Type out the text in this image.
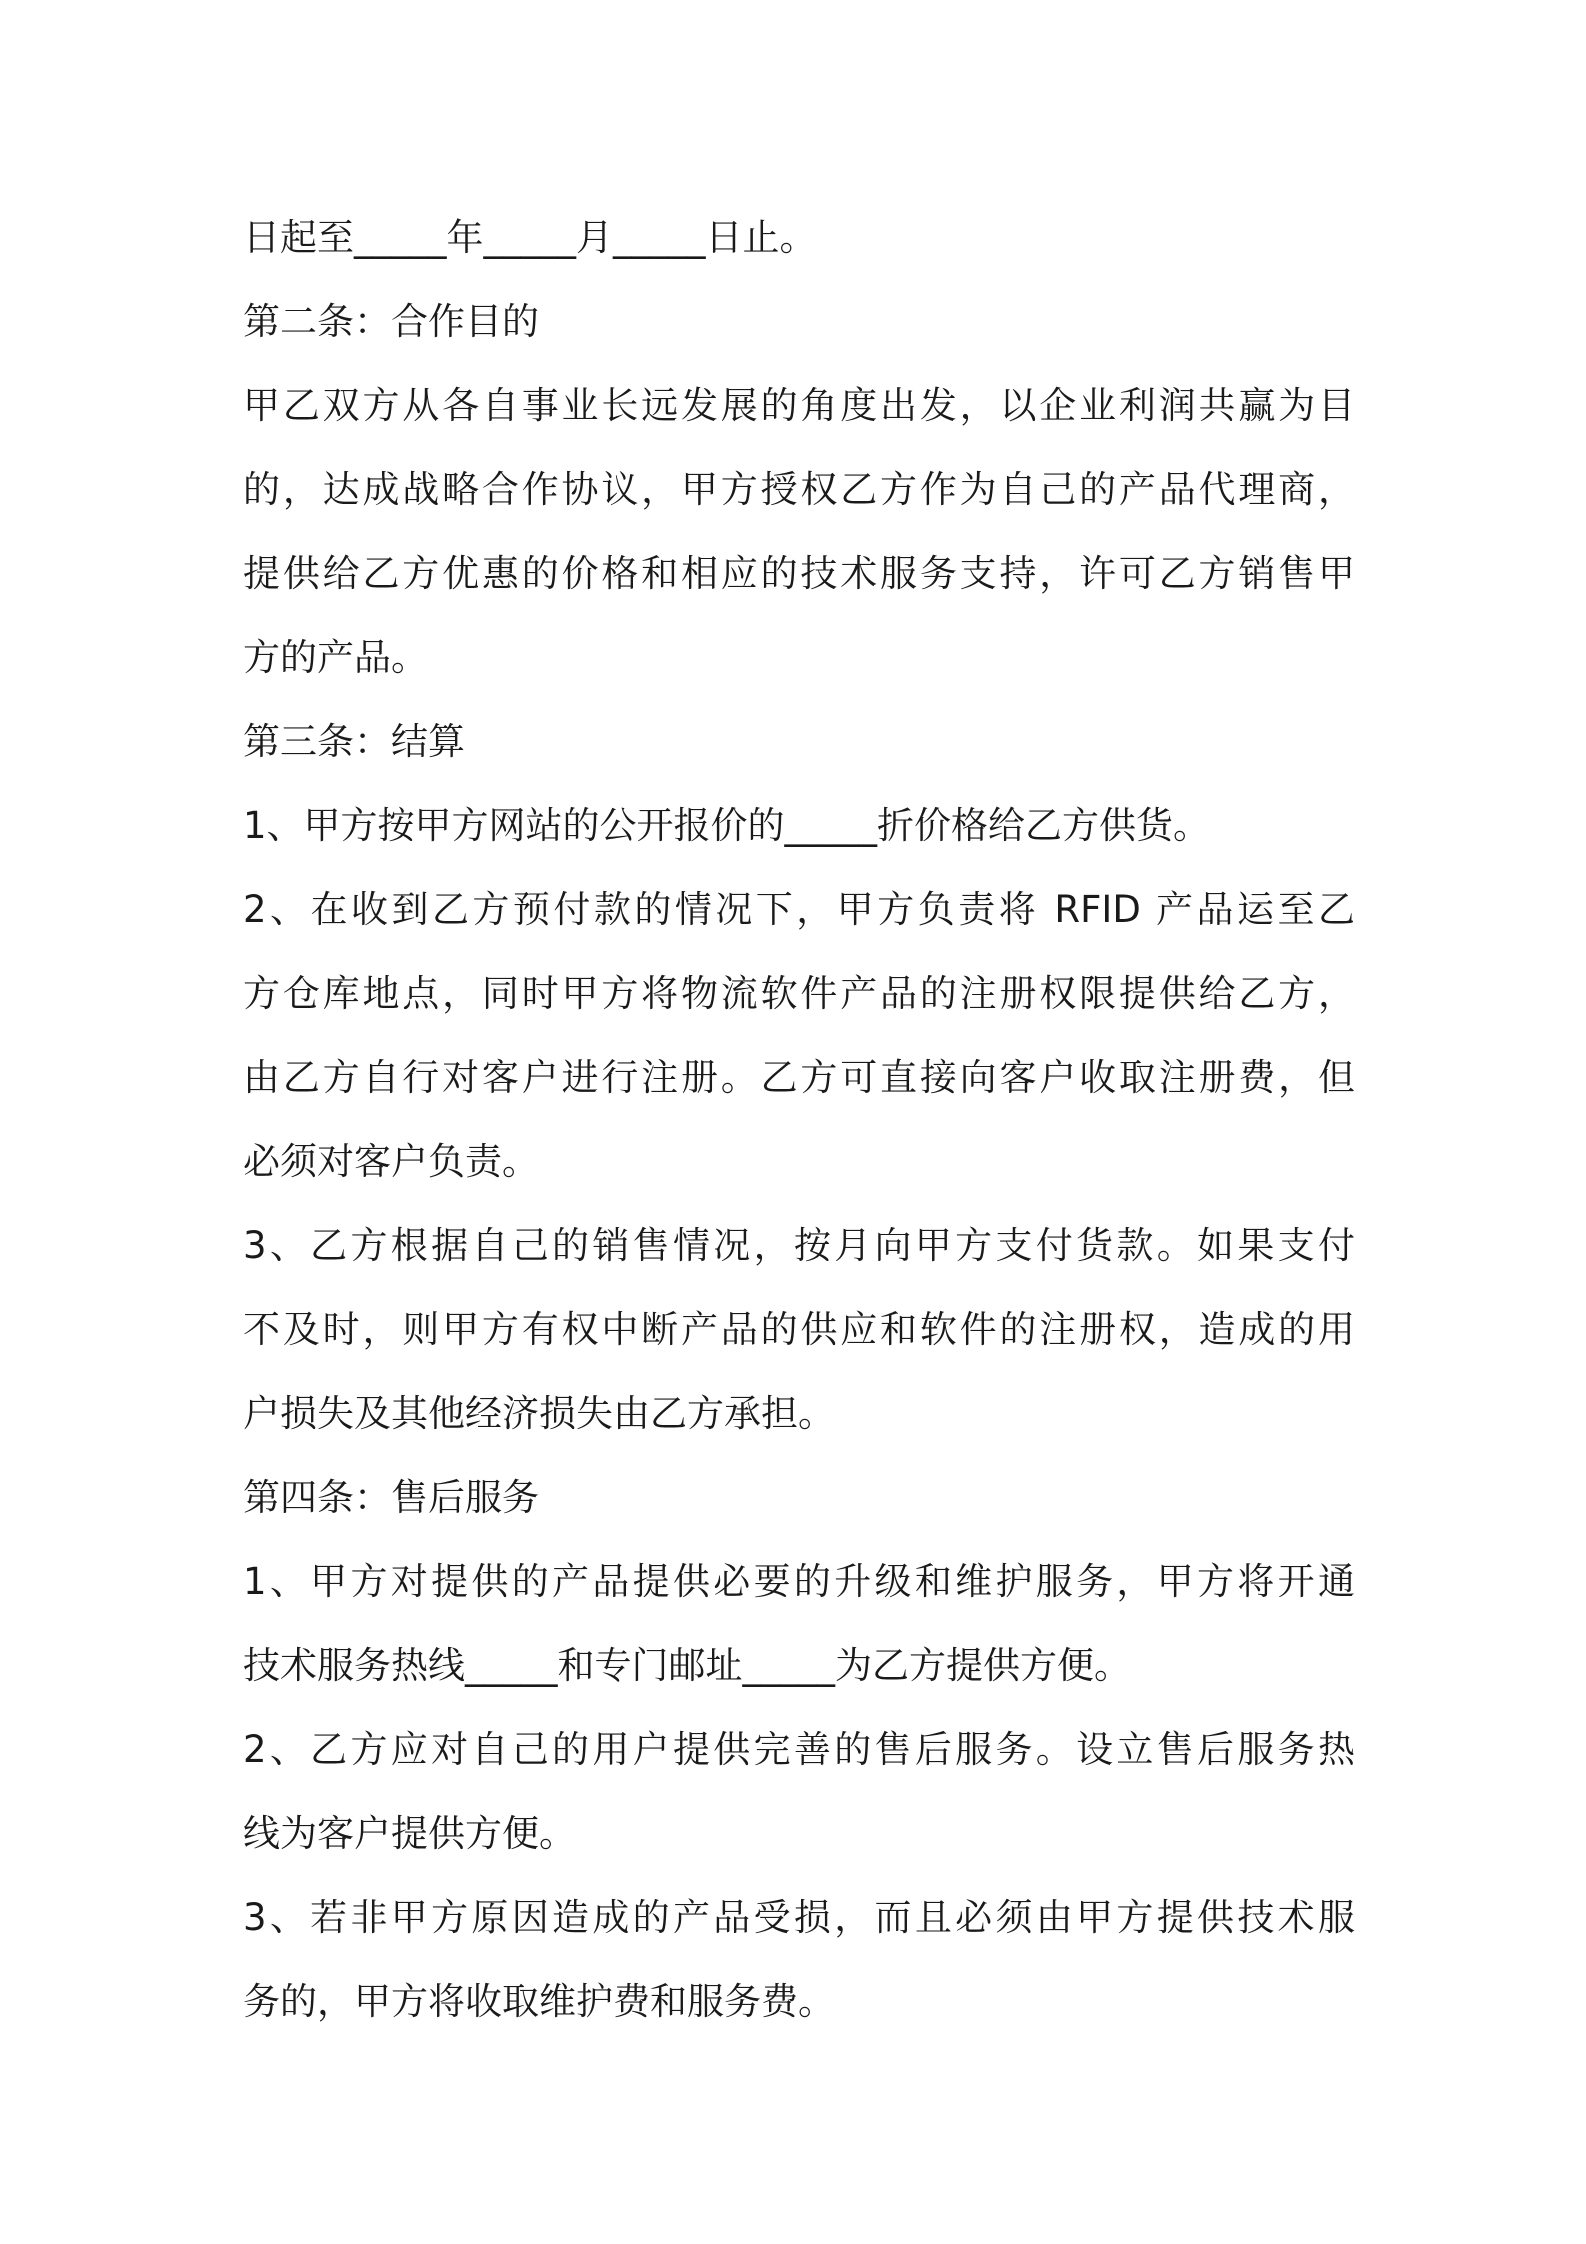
日起至_____年_____月_____日止。
第二条：合作目的
甲乙双方从各自事业长远发展的角度出发，以企业利润共赢为目
的，达成战略合作协议，甲方授权乙方作为自己的产品代理商，
提供给乙方优惠的价格和相应的技术服务支持，许可乙方销售甲
方的产品。
第三条：结算
1、甲方按甲方网站的公开报价的_____折价格给乙方供货。
2、在收到乙方预付款的情况下，甲方负责将 RFID 产品运至乙
方仓库地点，同时甲方将物流软件产品的注册权限提供给乙方，
由乙方自行对客户进行注册。乙方可直接向客户收取注册费，但
必须对客户负责。
3、乙方根据自己的销售情况，按月向甲方支付货款。如果支付
不及时，则甲方有权中断产品的供应和软件的注册权，造成的用
户损失及其他经济损失由乙方承担。
第四条：售后服务
1、甲方对提供的产品提供必要的升级和维护服务，甲方将开通
技术服务热线_____和专门邮址_____为乙方提供方便。
2、乙方应对自己的用户提供完善的售后服务。设立售后服务热
线为客户提供方便。
3、若非甲方原因造成的产品受损，而且必须由甲方提供技术服
务的，甲方将收取维护费和服务费。
